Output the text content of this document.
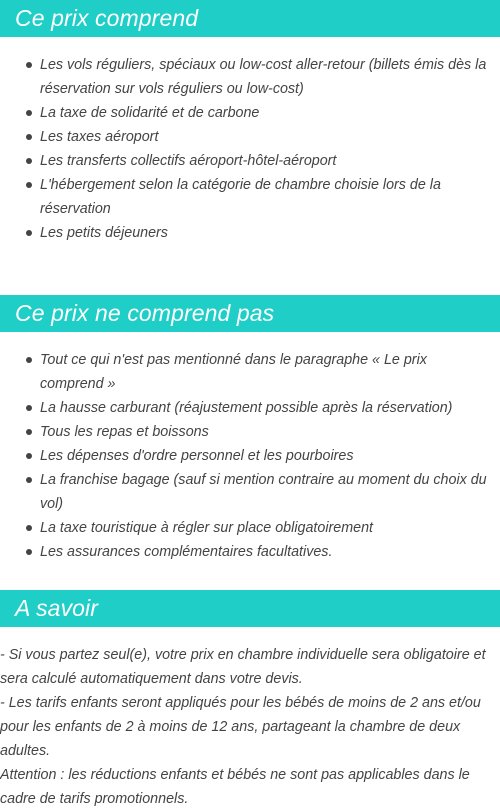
Ce prix comprend
Les vols réguliers, spéciaux ou low-cost aller-retour (billets émis dès la réservation sur vols réguliers ou low-cost)
La taxe de solidarité et de carbone
Les taxes aéroport
Les transferts collectifs aéroport-hôtel-aéroport
L'hébergement selon la catégorie de chambre choisie lors de la réservation
Les petits déjeuners
Ce prix ne comprend pas
Tout ce qui n'est pas mentionné dans le paragraphe « Le prix comprend »
La hausse carburant (réajustement possible après la réservation)
Tous les repas et boissons
Les dépenses d'ordre personnel et les pourboires
La franchise bagage (sauf si mention contraire au moment du choix du vol)
La taxe touristique à régler sur place obligatoirement
Les assurances complémentaires facultatives.
A savoir

- Si vous partez seul(e), votre prix en chambre individuelle sera obligatoire et sera calculé automatiquement dans votre devis.

- Les tarifs enfants seront appliqués pour les bébés de moins de 2 ans et/ou pour les enfants de 2 à moins de 12 ans, partageant la chambre de deux adultes.

Attention : les réductions enfants et bébés ne sont pas applicables dans le cadre de tarifs promotionnels.
